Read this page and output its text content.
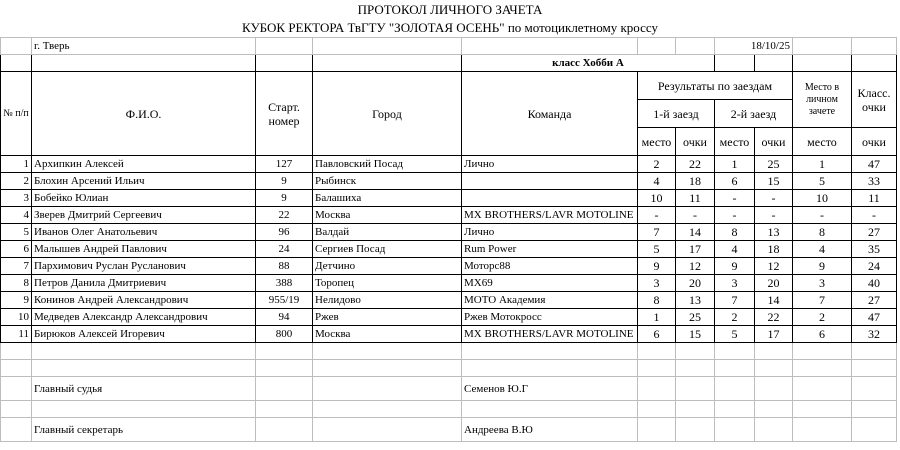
ПРОТОКОЛ ЛИЧНОГО ЗАЧЕТА
КУБОК РЕКТОРА ТвГТУ "ЗОЛОТАЯ ОСЕНЬ" по мотоциклетному кроссу
	г. Тверь						18/10/25			
				класс Хобби А						
№ п/п	Ф.И.О.	Старт. номер	Город	Команда	Результаты по заездам				Место в личном зачете	Класс. очки
					1-й заезд		2-й заезд			
					место	очки	место	очки	место	очки
1	Архипкин Алексей	127	Павловский Посад	Лично	2	22	1	25	1	47
2	Блохин Арсений Ильич	9	Рыбинск		4	18	6	15	5	33
3	Бобейко Юлиан	9	Балашиха		10	11	-	-	10	11
4	Зверев Дмитрий Сергеевич	22	Москва	MX BROTHERS/LAVR MOTOLINE	-	-	-	-	-	-
5	Иванов Олег Анатольевич	96	Валдай	Лично	7	14	8	13	8	27
6	Малышев Андрей Павлович	24	Сергиев Посад	Rum Power	5	17	4	18	4	35
7	Пархимович Руслан Русланович	88	Детчино	Моторс88	9	12	9	12	9	24
8	Петров Данила Дмитриевич	388	Торопец	MX69	3	20	3	20	3	40
9	Конинов Андрей Александрович	955/19	Нелидово	МОТО Академия	8	13	7	14	7	27
10	Медведев Александр Александрович	94	Ржев	Ржев Мотокросс	1	25	2	22	2	47
11	Бирюков Алексей Игоревич	800	Москва	MX BROTHERS/LAVR MOTOLINE	6	15	5	17	6	32

	Главный судья			Семенов Ю.Г						

	Главный секретарь			Андреева В.Ю						
